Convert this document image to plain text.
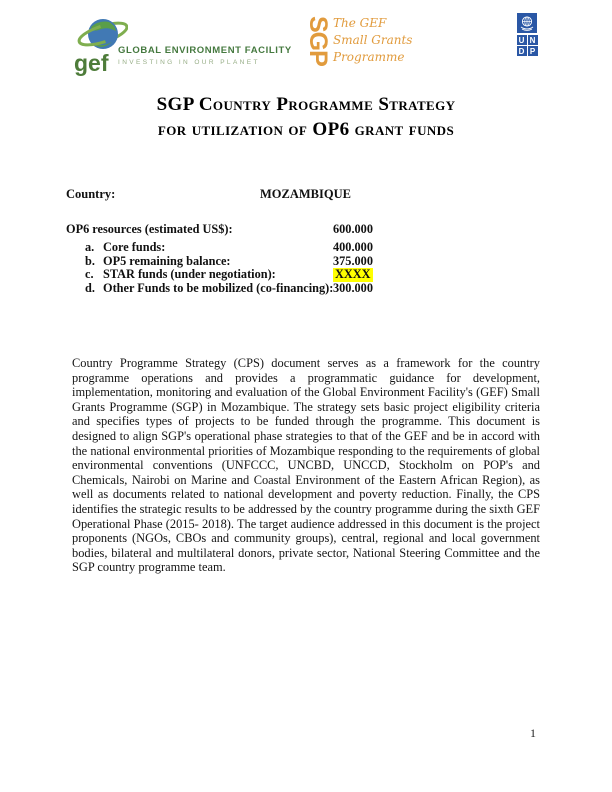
gef GLOBAL ENVIRONMENT FACILITY
INVESTING IN OUR PLANET	SGP The GEF
Small Grants
Programme
U N
D P
SGP Country Programme Strategy
for utilization of OP6 grant funds
Country:	MOZAMBIQUE
OP6 resources (estimated US$):	600.000
a. Core funds:	400.000
b. OP5 remaining balance:	375.000
c. STAR funds (under negotiation):	XXXX
d. Other Funds to be mobilized (co-financing): 300.000
Country Programme Strategy (CPS) document serves as a framework for the country programme operations and provides a programmatic guidance for development, implementation, monitoring and evaluation of the Global Environment Facility's (GEF) Small Grants Programme (SGP) in Mozambique. The strategy sets basic project eligibility criteria and specifies types of projects to be funded through the programme. This document is designed to align SGP's operational phase strategies to that of the GEF and be in accord with the national environmental priorities of Mozambique responding to the requirements of global environmental conventions (UNFCCC, UNCBD, UNCCD, Stockholm on POP's and Chemicals, Nairobi on Marine and Coastal Environment of the Eastern African Region), as well as documents related to national development and poverty reduction. Finally, the CPS identifies the strategic results to be addressed by the country programme during the sixth GEF Operational Phase (2015- 2018). The target audience addressed in this document is the project proponents (NGOs, CBOs and community groups), central, regional and local government bodies, bilateral and multilateral donors, private sector, National Steering Committee and the SGP country programme team.
1
